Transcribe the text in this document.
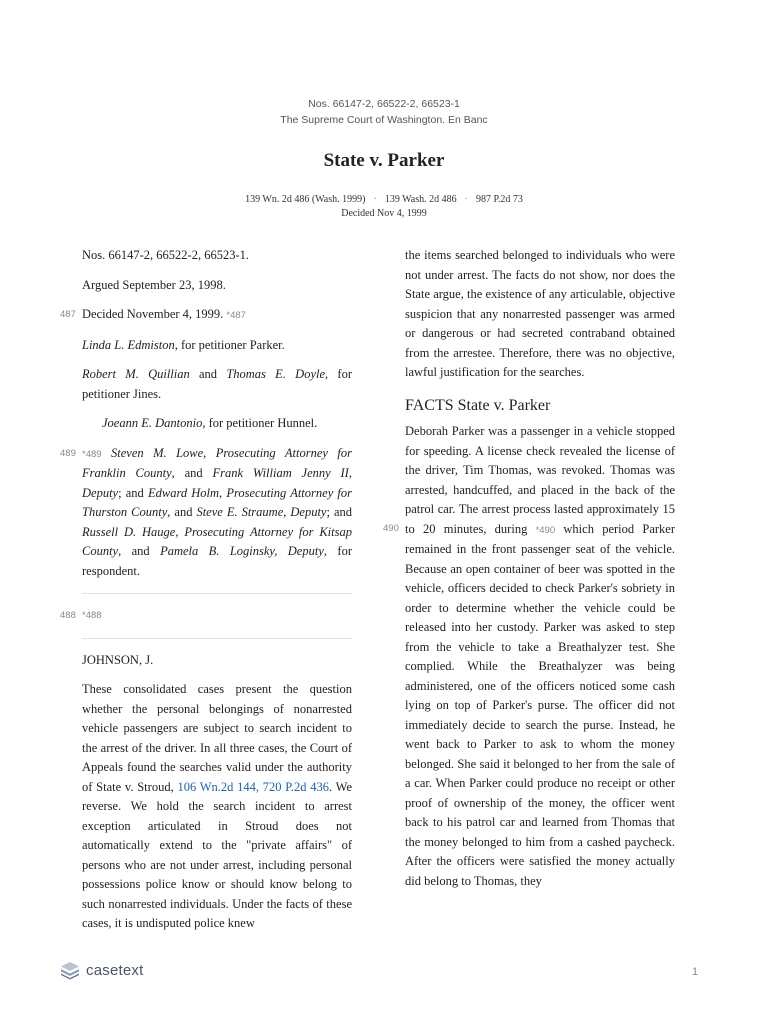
Nos. 66147-2, 66522-2, 66523-1
The Supreme Court of Washington. En Banc
State v. Parker
139 Wn. 2d 486 (Wash. 1999) · 139 Wash. 2d 486 · 987 P.2d 73
Decided Nov 4, 1999

Nos. 66147-2, 66522-2, 66523-1.

Argued September 23, 1998.

487 Decided November 4, 1999. *487

Linda L. Edmiston, for petitioner Parker.

Robert M. Quillian and Thomas E. Doyle, for petitioner Jines.

Joeann E. Dantonio, for petitioner Hunnel.

489 *489 Steven M. Lowe, Prosecuting Attorney for Franklin County, and Frank William Jenny II, Deputy; and Edward Holm, Prosecuting Attorney for Thurston County, and Steve E. Straume, Deputy; and Russell D. Hauge, Prosecuting Attorney for Kitsap County, and Pamela B. Loginsky, Deputy, for respondent.

488 *488

JOHNSON, J.

These consolidated cases present the question whether the personal belongings of nonarrested vehicle passengers are subject to search incident to the arrest of the driver. In all three cases, the Court of Appeals found the searches valid under the authority of State v. Stroud, 106 Wn.2d 144, 720 P.2d 436. We reverse. We hold the search incident to arrest exception articulated in Stroud does not automatically extend to the "private affairs" of persons who are not under arrest, including personal possessions police know or should know belong to such nonarrested individuals. Under the facts of these cases, it is undisputed police knew

the items searched belonged to individuals who were not under arrest. The facts do not show, nor does the State argue, the existence of any articulable, objective suspicion that any nonarrested passenger was armed or dangerous or had secreted contraband obtained from the arrestee. Therefore, there was no objective, lawful justification for the searches.

FACTS State v. Parker

Deborah Parker was a passenger in a vehicle stopped for speeding. A license check revealed the license of the driver, Tim Thomas, was revoked. Thomas was arrested, handcuffed, and placed in the back of the patrol car. The arrest process lasted approximately 15 to 20 minutes, during
490	*490 which period Parker remained in the front passenger seat of the vehicle. Because an open container of beer was spotted in the vehicle, officers decided to check Parker's sobriety in order to determine whether the vehicle could be released into her custody. Parker was asked to step from the vehicle to take a Breathalyzer test. She complied. While the Breathalyzer was being administered, one of the officers noticed some cash lying on top of Parker's purse. The officer did not immediately decide to search the purse. Instead, he went back to Parker to ask to whom the money belonged. She said it belonged to her from the sale of a car. When Parker could produce no receipt or other proof of ownership of the money, the officer went back to his patrol car and learned from Thomas that the money belonged to him from a cashed paycheck. After the officers were satisfied the money actually did belong to Thomas, they

casetext	1
